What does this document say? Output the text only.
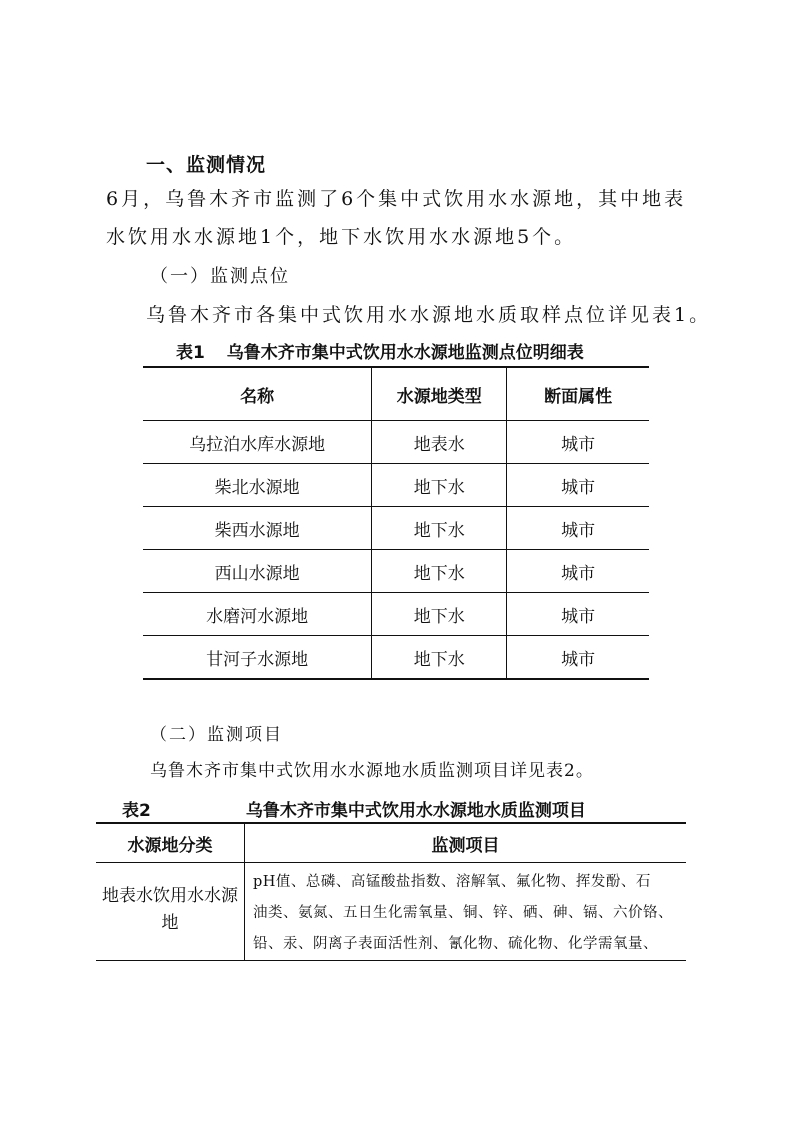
一、监测情况
6月，乌鲁木齐市监测了6个集中式饮用水水源地，其中地表水饮用水水源地1个，地下水饮用水水源地5个。
（一）监测点位
乌鲁木齐市各集中式饮用水水源地水质取样点位详见表1。
表1 乌鲁木齐市集中式饮用水水源地监测点位明细表
名称	水源地类型	断面属性
乌拉泊水库水源地	地表水	城市
柴北水源地	地下水	城市
柴西水源地	地下水	城市
西山水源地	地下水	城市
水磨河水源地	地下水	城市
甘河子水源地	地下水	城市
（二）监测项目
乌鲁木齐市集中式饮用水水源地水质监测项目详见表2。
表2	乌鲁木齐市集中式饮用水水源地水质监测项目
水源地分类	监测项目
地表水饮用水水源地	pH值、总磷、高锰酸盐指数、溶解氧、氟化物、挥发酚、石
油类、氨氮、五日生化需氧量、铜、锌、硒、砷、镉、六价铬、
铅、汞、阴离子表面活性剂、氰化物、硫化物、化学需氧量、
